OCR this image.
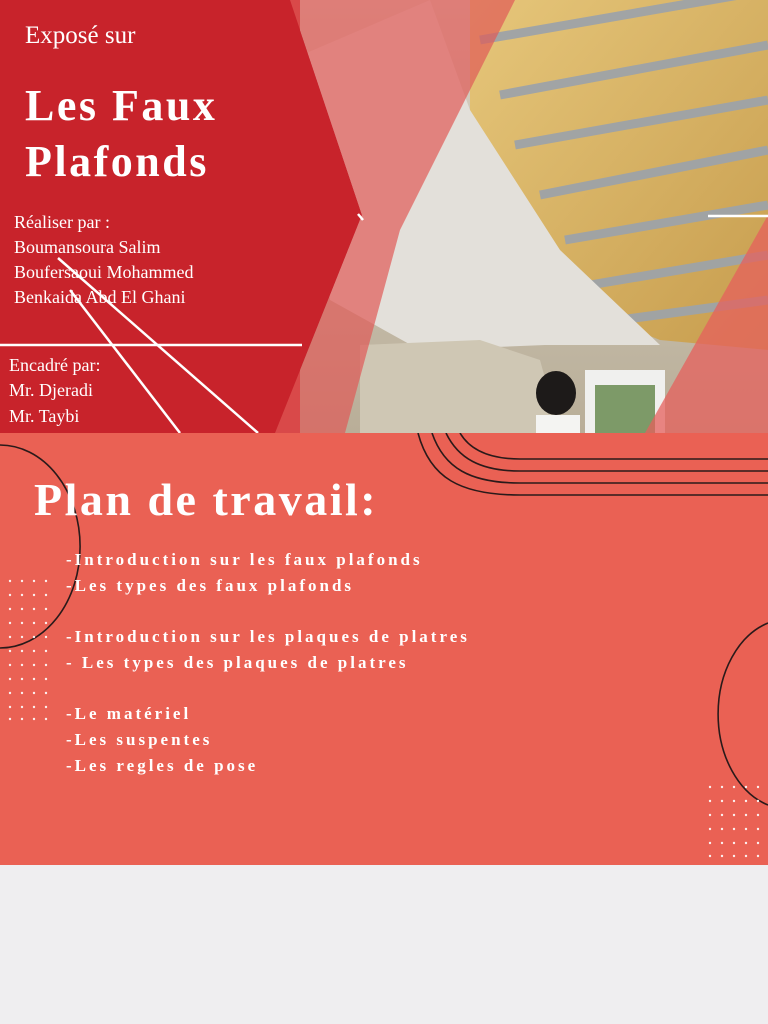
Exposé sur
Les Faux
Plafonds
Réaliser par :
Boumansoura Salim
Boufersaoui Mohammed
Benkaida Abd El Ghani
Encadré par:
Mr. Djeradi
Mr. Taybi
Plan de travail:
-Introduction sur les faux plafonds
-Les types des faux plafonds
-Introduction sur les plaques de platres
- Les types des plaques de platres
-Le matériel
-Les suspentes
-Les regles de pose
